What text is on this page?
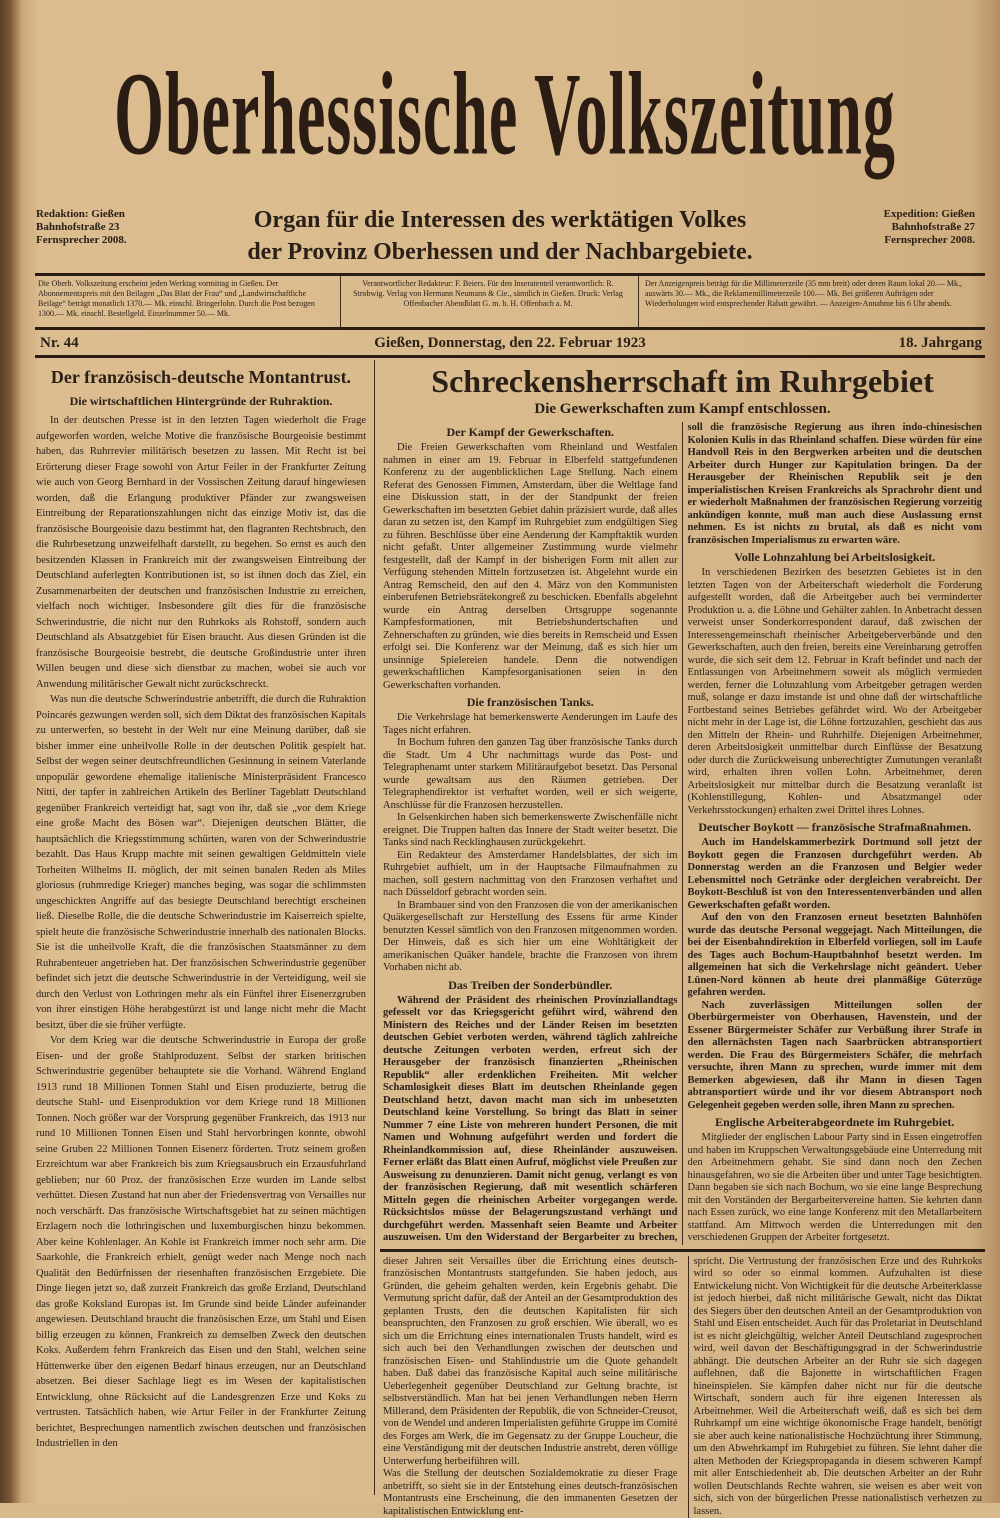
Oberhessische Volkszeitung
Redaktion: Gießen
Bahnhofstraße 23
Fernsprecher 2008.
Expedition: Gießen
Bahnhofstraße 27
Fernsprecher 2008.
Organ für die Interessen des werktätigen Volkes
der Provinz Oberhessen und der Nachbargebiete.
Die Oberh. Volkszeitung erscheint jeden Werktag vormittag in Gießen. Der Abonnementspreis mit den Beilagen „Das Blatt der Frau“ und „Landwirtschaftliche Beilage“ beträgt monatlich 1370.— Mk. einschl. Bringerlohn. Durch die Post bezogen 1300.— Mk. einschl. Bestellgeld. Einzelnummer 50.— Mk.
Verantwortlicher Redakteur: F. Beiers. Für den Inseratenteil verantwortlich: R. Strobwig. Verlag von Hermann Neumann & Cie., sämtlich in Gießen. Druck: Verlag Offenbacher Abendblatt G. m. b. H. Offenbach a. M.
Der Anzeigenpreis beträgt für die Millimeterzeile (35 mm breit) oder deren Raum lokal 20.— Mk., auswärts 30.— Mk., die Reklamemillimeterzeile 100.— Mk. Bei größeren Aufträgen oder Wiederholungen wird entsprechender Rabatt gewährt. — Anzeigen-Annahme bis 6 Uhr abends.
Nr. 44	Gießen, Donnerstag, den 22. Februar 1923	18. Jahrgang
Der französisch-deutsche Montantrust.
Die wirtschaftlichen Hintergründe der Ruhraktion.

In der deutschen Presse ist in den letzten Tagen wiederholt die Frage aufgeworfen worden, welche Motive die französische Bourgeoisie bestimmt haben, das Ruhrrevier militärisch besetzen zu lassen. Mit Recht ist bei Erörterung dieser Frage sowohl von Artur Feiler in der Frankfurter Zeitung wie auch von Georg Bernhard in der Vossischen Zeitung darauf hingewiesen worden, daß die Erlangung produktiver Pfänder zur zwangsweisen Eintreibung der Reparationszahlungen nicht das einzige Motiv ist, das die französische Bourgeoisie dazu bestimmt hat, den flagranten Rechtsbruch, den die Ruhrbesetzung unzweifelhaft darstellt, zu begehen. So ernst es auch den besitzenden Klassen in Frankreich mit der zwangsweisen Eintreibung der Deutschland auferlegten Kontributionen ist, so ist ihnen doch das Ziel, ein Zusammenarbeiten der deutschen und französischen Industrie zu erreichen, vielfach noch wichtiger. Insbesondere gilt dies für die französische Schwerindustrie, die nicht nur den Ruhrkoks als Rohstoff, sondern auch Deutschland als Absatzgebiet für Eisen braucht. Aus diesen Gründen ist die französische Bourgeoisie bestrebt, die deutsche Großindustrie unter ihren Willen beugen und diese sich dienstbar zu machen, wobei sie auch vor Anwendung militärischer Gewalt nicht zurückschreckt.

Was nun die deutsche Schwerindustrie anbetrifft, die durch die Ruhraktion Poincarés gezwungen werden soll, sich dem Diktat des französischen Kapitals zu unterwerfen, so besteht in der Welt nur eine Meinung darüber, daß sie bisher immer eine unheilvolle Rolle in der deutschen Politik gespielt hat. Selbst der wegen seiner deutschfreundlichen Gesinnung in seinem Vaterlande unpopulär gewordene ehemalige italienische Ministerpräsident Francesco Nitti, der tapfer in zahlreichen Artikeln des Berliner Tageblatt Deutschland gegenüber Frankreich verteidigt hat, sagt von ihr, daß sie „vor dem Kriege eine große Macht des Bösen war“. Diejenigen deutschen Blätter, die hauptsächlich die Kriegsstimmung schürten, waren von der Schwerindustrie bezahlt. Das Haus Krupp machte mit seinen gewaltigen Geldmitteln viele Torheiten Wilhelms II. möglich, der mit seinen banalen Reden als Miles gloriosus (ruhmredige Krieger) manches beging, was sogar die schlimmsten ungeschickten Angriffe auf das besiegte Deutschland berechtigt erscheinen ließ. Dieselbe Rolle, die die deutsche Schwerindustrie im Kaiserreich spielte, spielt heute die französische Schwerindustrie innerhalb des nationalen Blocks. Sie ist die unheilvolle Kraft, die die französischen Staatsmänner zu dem Ruhrabenteuer angetrieben hat. Der französischen Schwerindustrie gegenüber befindet sich jetzt die deutsche Schwerindustrie in der Verteidigung, weil sie durch den Verlust von Lothringen mehr als ein Fünftel ihrer Eisenerzgruben von ihrer einstigen Höhe herabgestürzt ist und lange nicht mehr die Macht besitzt, über die sie früher verfügte.

Vor dem Krieg war die deutsche Schwerindustrie in Europa der große Eisen- und der große Stahlproduzent. Selbst der starken britischen Schwerindustrie gegenüber behauptete sie die Vorhand. Während England 1913 rund 18 Millionen Tonnen Stahl und Eisen produzierte, betrug die deutsche Stahl- und Eisenproduktion vor dem Kriege rund 18 Millionen Tonnen. Noch größer war der Vorsprung gegenüber Frankreich, das 1913 nur rund 10 Millionen Tonnen Eisen und Stahl hervorbringen konnte, obwohl seine Gruben 22 Millionen Tonnen Eisenerz förderten. Trotz seinem großen Erzreichtum war aber Frankreich bis zum Kriegsausbruch ein Erzausfuhrland geblieben; nur 60 Proz. der französischen Erze wurden im Lande selbst verhüttet. Diesen Zustand hat nun aber der Friedensvertrag von Versailles nur noch verschärft. Das französische Wirtschaftsgebiet hat zu seinen mächtigen Erzlagern noch die lothringischen und luxemburgischen hinzu bekommen. Aber keine Kohlenlager. An Kohle ist Frankreich immer noch sehr arm. Die Saarkohle, die Frankreich erhielt, genügt weder nach Menge noch nach Qualität den Bedürfnissen der riesenhaften französischen Erzgebiete. Die Dinge liegen jetzt so, daß zurzeit Frankreich das große Erzland, Deutschland das große Koksland Europas ist. Im Grunde sind beide Länder aufeinander angewiesen. Deutschland braucht die französischen Erze, um Stahl und Eisen billig erzeugen zu können, Frankreich zu demselben Zweck den deutschen Koks. Außerdem fehrn Frankreich das Eisen und den Stahl, welchen seine Hüttenwerke über den eigenen Bedarf hinaus erzeugen, nur an Deutschland absetzen. Bei dieser Sachlage liegt es im Wesen der kapitalistischen Entwicklung, ohne Rücksicht auf die Landesgrenzen Erze und Koks zu vertrusten. Tatsächlich haben, wie Artur Feiler in der Frankfurter Zeitung berichtet, Besprechungen namentlich zwischen deutschen und französischen Industriellen in den

Schreckensherrschaft im Ruhrgebiet
Die Gewerkschaften zum Kampf entschlossen.
Der Kampf der Gewerkschaften.

Die Freien Gewerkschaften vom Rheinland und Westfalen nahmen in einer am 19. Februar in Elberfeld stattgefundenen Konferenz zu der augenblicklichen Lage Stellung. Nach einem Referat des Genossen Fimmen, Amsterdam, über die Weltlage fand eine Diskussion statt, in der der Standpunkt der freien Gewerkschaften im besetzten Gebiet dahin präzisiert wurde, daß alles daran zu setzen ist, den Kampf im Ruhrgebiet zum endgültigen Sieg zu führen. Beschlüsse über eine Aenderung der Kampftaktik wurden nicht gefaßt. Unter allgemeiner Zustimmung wurde vielmehr festgestellt, daß der Kampf in der bisherigen Form mit allen zur Verfügung stehenden Mitteln fortzusetzen ist. Abgelehnt wurde ein Antrag Remscheid, den auf den 4. März von den Kommunisten einberufenen Betriebsrätekongreß zu beschicken. Ebenfalls abgelehnt wurde ein Antrag derselben Ortsgruppe sogenannte Kampfesformationen, mit Betriebshundertschaften und Zehnerschaften zu gründen, wie dies bereits in Remscheid und Essen erfolgt sei. Die Konferenz war der Meinung, daß es sich hier um unsinnige Spielereien handele. Denn die notwendigen gewerkschaftlichen Kampfesorganisationen seien in den Gewerkschaften vorhanden.

Die französischen Tanks.

Die Verkehrslage hat bemerkenswerte Aenderungen im Laufe des Tages nicht erfahren.

In Bochum fuhren den ganzen Tag über französische Tanks durch die Stadt. Um 4 Uhr nachmittags wurde das Post- und Telegraphenamt unter starkem Militäraufgebot besetzt. Das Personal wurde gewaltsam aus den Räumen getrieben. Der Telegraphendirektor ist verhaftet worden, weil er sich weigerte, Anschlüsse für die Franzosen herzustellen.

In Gelsenkirchen haben sich bemerkenswerte Zwischenfälle nicht ereignet. Die Truppen halten das Innere der Stadt weiter besetzt. Die Tanks sind nach Recklinghausen zurückgekehrt.

Ein Redakteur des Amsterdamer Handelsblattes, der sich im Ruhrgebiet aufhielt, um in der Hauptsache Filmaufnahmen zu machen, soll gestern nachmittag von den Franzosen verhaftet und nach Düsseldorf gebracht worden sein.

In Brambauer sind von den Franzosen die von der amerikanischen Quäkergesellschaft zur Herstellung des Essens für arme Kinder benutzten Kessel sämtlich von den Franzosen mitgenommen worden. Der Hinweis, daß es sich hier um eine Wohltätigkeit der amerikanischen Quäker handele, brachte die Franzosen von ihrem Vorhaben nicht ab.

Das Treiben der Sonderbündler.

Während der Präsident des rheinischen Provinziallandtags gefesselt vor das Kriegsgericht geführt wird, während den Ministern des Reiches und der Länder Reisen im besetzten deutschen Gebiet verboten werden, während täglich zahlreiche deutsche Zeitungen verboten werden, erfreut sich der Herausgeber der französisch finanzierten „Rheinischen Republik“ aller erdenklichen Freiheiten. Mit welcher Schamlosigkeit dieses Blatt im deutschen Rheinlande gegen Deutschland hetzt, davon macht man sich im unbesetzten Deutschland keine Vorstellung. So bringt das Blatt in seiner Nummer 7 eine Liste von mehreren hundert Personen, die mit Namen und Wohnung aufgeführt werden und fordert die Rheinlandkommission auf, diese Rheinländer auszuweisen. Ferner erläßt das Blatt einen Aufruf, möglichst viele Preußen zur Ausweisung zu denunzieren. Damit nicht genug, verlangt es von der französischen Regierung, daß mit wesentlich schärferen Mitteln gegen die rheinischen Arbeiter vorgegangen werde. Rücksichtslos müsse der Belagerungszustand verhängt und durchgeführt werden. Massenhaft seien Beamte und Arbeiter auszuweisen. Um den Widerstand der Bergarbeiter zu brechen, soll die französische Regierung aus ihren indo-chinesischen Kolonien Kulis in das Rheinland schaffen. Diese würden für eine Handvoll Reis in den Bergwerken arbeiten und die deutschen Arbeiter durch Hunger zur Kapitulation bringen. Da der Herausgeber der Rheinischen Republik seit je den imperialistischen Kreisen Frankreichs als Sprachrohr dient und er wiederholt Maßnahmen der französischen Regierung vorzeitig ankündigen konnte, muß man auch diese Auslassung ernst nehmen. Es ist nichts zu brutal, als daß es nicht vom französischen Imperialismus zu erwarten wäre.

Volle Lohnzahlung bei Arbeitslosigkeit.

In verschiedenen Bezirken des besetzten Gebietes ist in den letzten Tagen von der Arbeiterschaft wiederholt die Forderung aufgestellt worden, daß die Arbeitgeber auch bei verminderter Produktion u. a. die Löhne und Gehälter zahlen. In Anbetracht dessen verweist unser Sonderkorrespondent darauf, daß zwischen der Interessengemeinschaft rheinischer Arbeitgeberverbände und den Gewerkschaften, auch den freien, bereits eine Vereinbarung getroffen wurde, die sich seit dem 12. Februar in Kraft befindet und nach der Entlassungen von Arbeitnehmern soweit als möglich vermieden werden, ferner die Lohnzahlung vom Arbeitgeber getragen werden muß, solange er dazu imstande ist und ohne daß der wirtschaftliche Fortbestand seines Betriebes gefährdet wird. Wo der Arbeitgeber nicht mehr in der Lage ist, die Löhne fortzuzahlen, geschieht das aus den Mitteln der Rhein- und Ruhrhilfe. Diejenigen Arbeitnehmer, deren Arbeitslosigkeit unmittelbar durch Einflüsse der Besatzung oder durch die Zurückweisung unberechtigter Zumutungen veranlaßt wird, erhalten ihren vollen Lohn. Arbeitnehmer, deren Arbeitslosigkeit nur mittelbar durch die Besatzung veranlaßt ist (Kohlenstillegung, Kohlen- und Absatzmangel oder Verkehrsstockungen) erhalten zwei Drittel ihres Lohnes.

Deutscher Boykott — französische Strafmaßnahmen.

Auch im Handelskammerbezirk Dortmund soll jetzt der Boykott gegen die Franzosen durchgeführt werden. Ab Donnerstag werden an die Franzosen und Belgier weder Lebensmittel noch Getränke oder dergleichen verabreicht. Der Boykott-Beschluß ist von den Interessentenverbänden und allen Gewerkschaften gefaßt worden.

Auf den von den Franzosen erneut besetzten Bahnhöfen wurde das deutsche Personal weggejagt. Nach Mitteilungen, die bei der Eisenbahndirektion in Elberfeld vorliegen, soll im Laufe des Tages auch Bochum-Hauptbahnhof besetzt werden. Im allgemeinen hat sich die Verkehrslage nicht geändert. Ueber Lünen-Nord können ab heute drei planmäßige Güterzüge gefahren werden.

Nach zuverlässigen Mitteilungen sollen der Oberbürgermeister von Oberhausen, Havenstein, und der Essener Bürgermeister Schäfer zur Verbüßung ihrer Strafe in den allernächsten Tagen nach Saarbrücken abtransportiert werden. Die Frau des Bürgermeisters Schäfer, die mehrfach versuchte, ihren Mann zu sprechen, wurde immer mit dem Bemerken abgewiesen, daß ihr Mann in diesen Tagen abtransportiert würde und ihr vor diesem Abtransport noch Gelegenheit gegeben werden solle, ihren Mann zu sprechen.

Englische Arbeiterabgeordnete im Ruhrgebiet.

Mitglieder der englischen Labour Party sind in Essen eingetroffen und haben im Kruppschen Verwaltungsgebäude eine Unterredung mit den Arbeitnehmern gehabt. Sie sind dann noch den Zechen hinausgefahren, wo sie die Arbeiten über und unter Tage besichtigten. Dann begaben sie sich nach Bochum, wo sie eine lange Besprechung mit den Vorständen der Bergarbeitervereine hatten. Sie kehrten dann nach Essen zurück, wo eine lange Konferenz mit den Metallarbeitern stattfand. Am Mittwoch werden die Unterredungen mit den verschiedenen Gruppen der Arbeiter fortgesetzt.

dieser Jahren seit Versailles über die Errichtung eines deutsch-französischen Montantrusts stattgefunden. Sie haben jedoch, aus Gründen, die geheim gehalten werden, kein Ergebnis gehabt. Die Vermutung spricht dafür, daß der Anteil an der Gesamtproduktion des geplanten Trusts, den die deutschen Kapitalisten für sich beanspruchten, den Franzosen zu groß erschien. Wie überall, wo es sich um die Errichtung eines internationalen Trusts handelt, wird es sich auch bei den Verhandlungen zwischen der deutschen und französischen Eisen- und Stahlindustrie um die Quote gehandelt haben. Daß dabei das französische Kapital auch seine militärische Ueberlegenheit gegenüber Deutschland zur Geltung brachte, ist selbstverständlich. Man hat bei jenen Verhandlungen neben Herrn Millerand, dem Präsidenten der Republik, die von Schneider-Creusot, von de Wendel und anderen Imperialisten geführte Gruppe im Comité des Forges am Werk, die im Gegensatz zu der Gruppe Loucheur, die eine Verständigung mit der deutschen Industrie anstrebt, deren völlige Unterwerfung herbeiführen will.
Was die Stellung der deutschen Sozialdemokratie zu dieser Frage anbetrifft, so sieht sie in der Entstehung eines deutsch-französischen Montantrusts eine Erscheinung, die den immanenten Gesetzen der kapitalistischen Entwicklung ent-
spricht. Die Vertrustung der französischen Erze und des Ruhrkoks wird so oder so einmal kommen. Aufzuhalten ist diese Entwickelung nicht. Von Wichtigkeit für die deutsche Arbeiterklasse ist jedoch hierbei, daß nicht militärische Gewalt, nicht das Diktat des Siegers über den deutschen Anteil an der Gesamtproduktion von Stahl und Eisen entscheidet. Auch für das Proletariat in Deutschland ist es nicht gleichgültig, welcher Anteil Deutschland zugesprochen wird, weil davon der Beschäftigungsgrad in der Schwerindustrie abhängt. Die deutschen Arbeiter an der Ruhr sie sich dagegen auflehnen, daß die Bajonette in wirtschaftlichen Fragen hineinspielen. Sie kämpfen daher nicht nur für die deutsche Wirtschaft, sondern auch für ihre eigenen Interessen als Arbeitnehmer. Weil die Arbeiterschaft weiß, daß es sich bei dem Ruhrkampf um eine wichtige ökonomische Frage handelt, benötigt sie aber auch keine nationalistische Hochzüchtung ihrer Stimmung, um den Abwehrkampf im Ruhrgebiet zu führen. Sie lehnt daher die alten Methoden der Kriegspropaganda in diesem schweren Kampf mit aller Entschiedenheit ab. Die deutschen Arbeiter an der Ruhr wollen Deutschlands Rechte wahren, sie weisen es aber weit von sich, sich von der bürgerlichen Presse nationalistisch verhetzen zu lassen.
